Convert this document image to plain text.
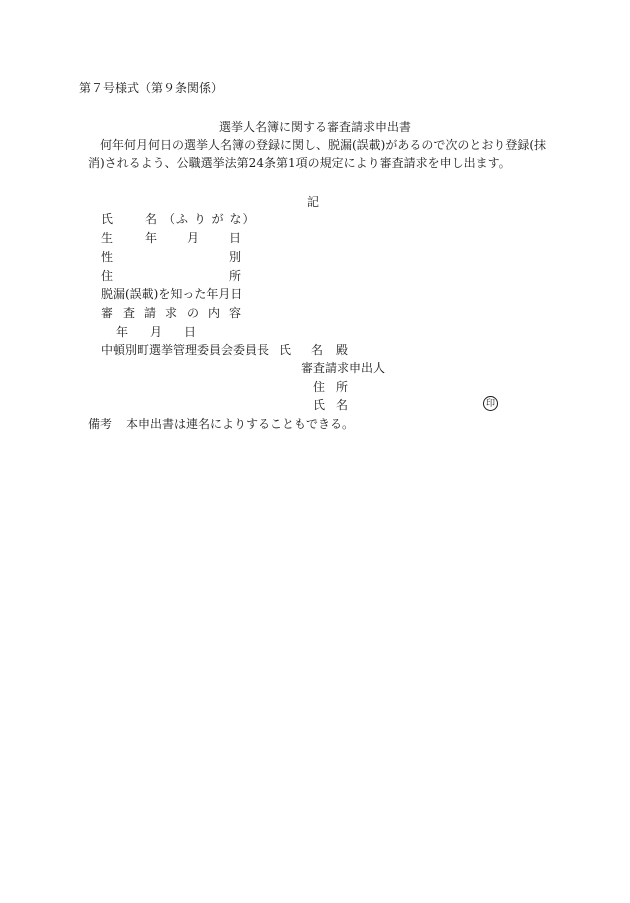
第７号様式（第９条関係）
選挙人名簿に関する審査請求申出書
何年何月何日の選挙人名簿の登録に関し、脱漏(誤載)があるので次のとおり登録(抹
消)されるよう、公職選挙法第24条第1項の規定により審査請求を申し出ます。
記
氏	名 （ふ り が な）
生	年 月 日
性	別
住	所
脱漏(誤載)を知った年月日
審 査 請 求 の 内 容
年 月 日
中頓別町選挙管理委員会委員長 氏 名 殿
審査請求申出人
住 所
氏 名	印
備考 本申出書は連名によりすることもできる。
